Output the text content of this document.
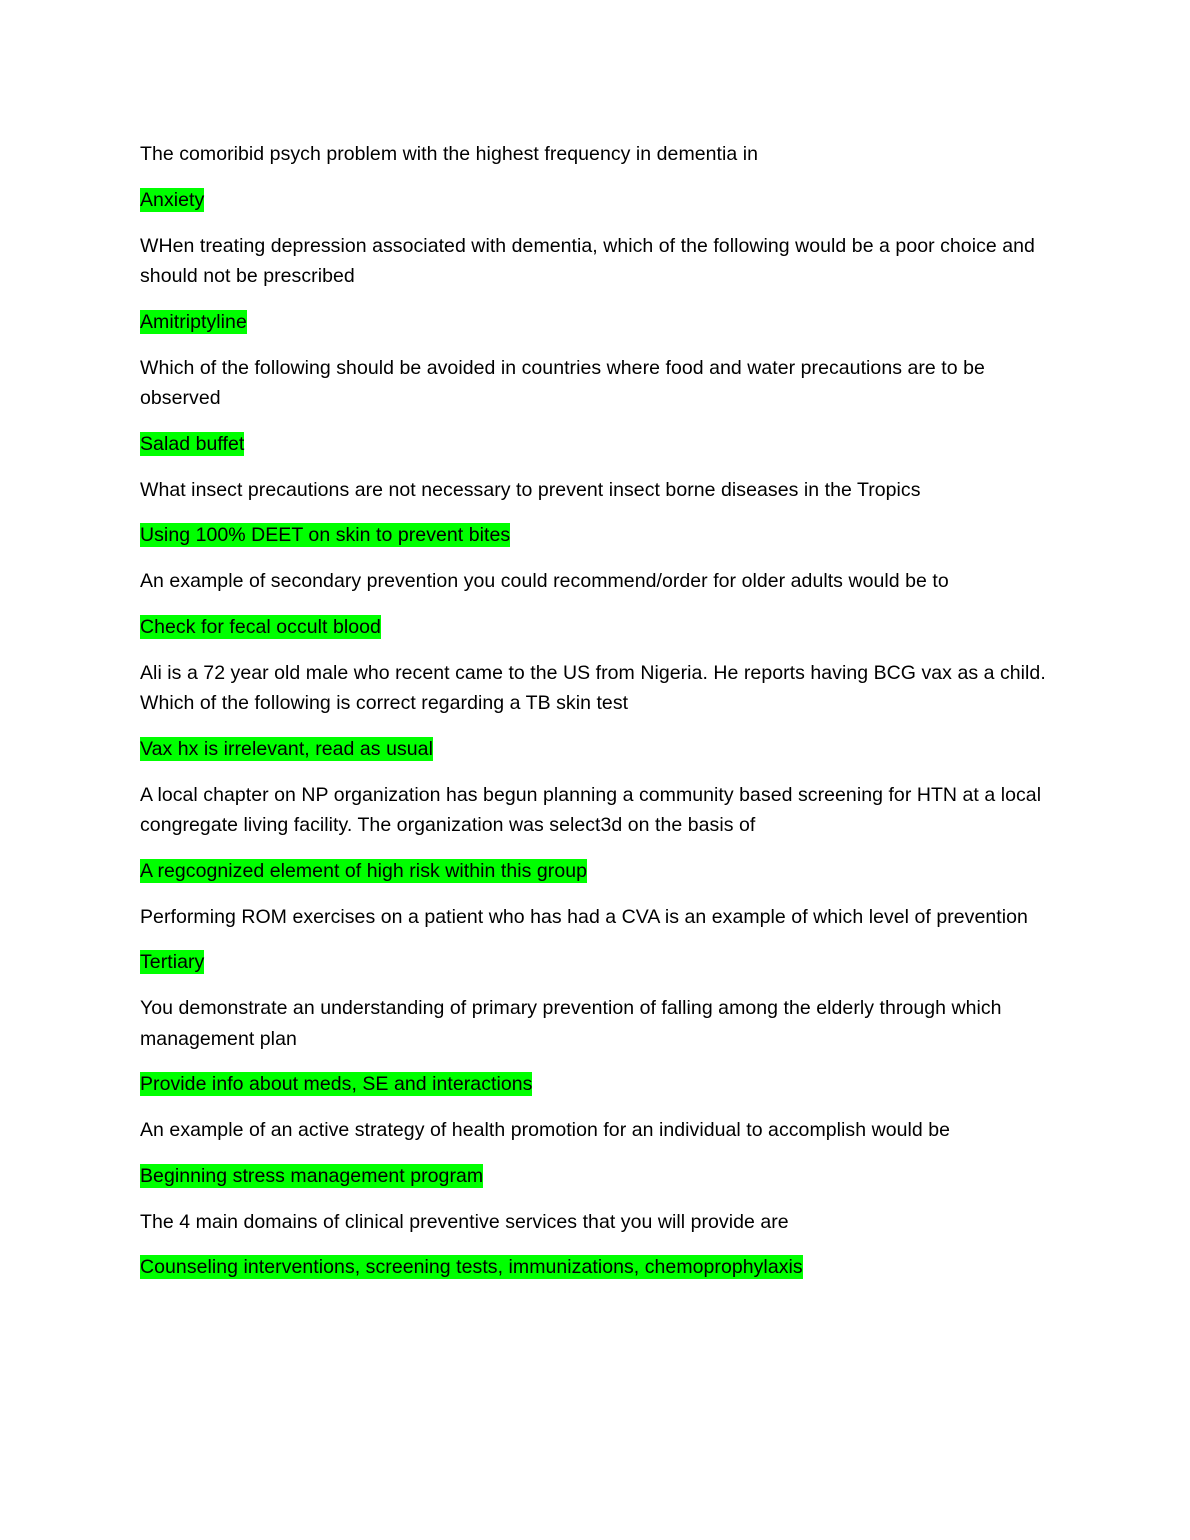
The comoribid psych problem with the highest frequency in dementia in

Anxiety

WHen treating depression associated with dementia, which of the following would be a poor choice and should not be prescribed

Amitriptyline

Which of the following should be avoided in countries where food and water precautions are to be observed

Salad buffet

What insect precautions are not necessary to prevent insect borne diseases in the Tropics

Using 100% DEET on skin to prevent bites

An example of secondary prevention you could recommend/order for older adults would be to

Check for fecal occult blood

Ali is a 72 year old male who recent came to the US from Nigeria. He reports having BCG vax as a child. Which of the following is correct regarding a TB skin test

Vax hx is irrelevant, read as usual

A local chapter on NP organization has begun planning a community based screening for HTN at a local congregate living facility. The organization was select3d on the basis of

A regcognized element of high risk within this group

Performing ROM exercises on a patient who has had a CVA is an example of which level of prevention

Tertiary

You demonstrate an understanding of primary prevention of falling among the elderly through which management plan

Provide info about meds, SE and interactions

An example of an active strategy of health promotion for an individual to accomplish would be

Beginning stress management program

The 4 main domains of clinical preventive services that you will provide are

Counseling interventions, screening tests, immunizations, chemoprophylaxis
